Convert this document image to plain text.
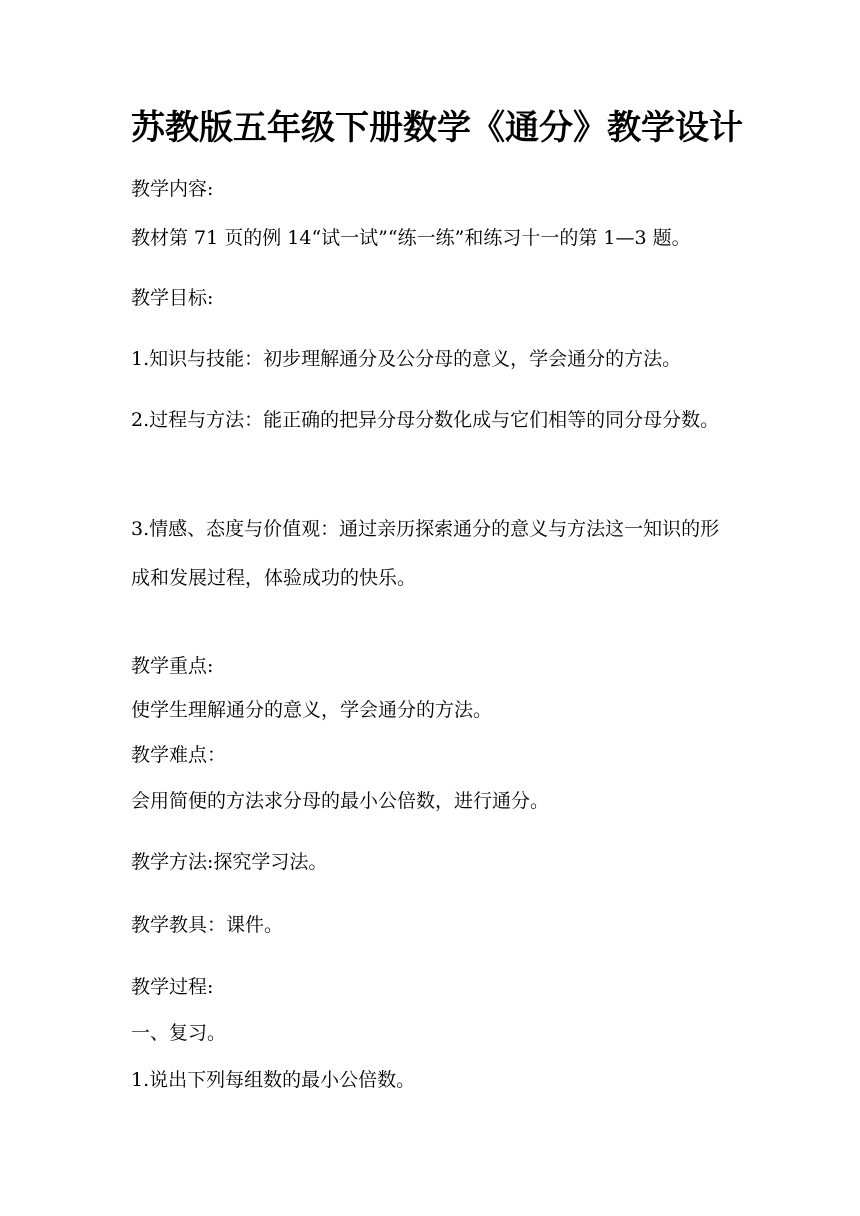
苏教版五年级下册数学《通分》教学设计

教学内容:

教材第 71 页的例 14“试一试”“练一练”和练习十一的第 1—3 题。

教学目标:

1.知识与技能：初步理解通分及公分母的意义，学会通分的方法。

2.过程与方法：能正确的把异分母分数化成与它们相等的同分母分数。

3.情感、态度与价值观：通过亲历探索通分的意义与方法这一知识的形成和发展过程，体验成功的快乐。

教学重点:

使学生理解通分的意义，学会通分的方法。

教学难点：

会用简便的方法求分母的最小公倍数，进行通分。

教学方法:探究学习法。

教学教具：课件。

教学过程:

一、复习。

1.说出下列每组数的最小公倍数。
